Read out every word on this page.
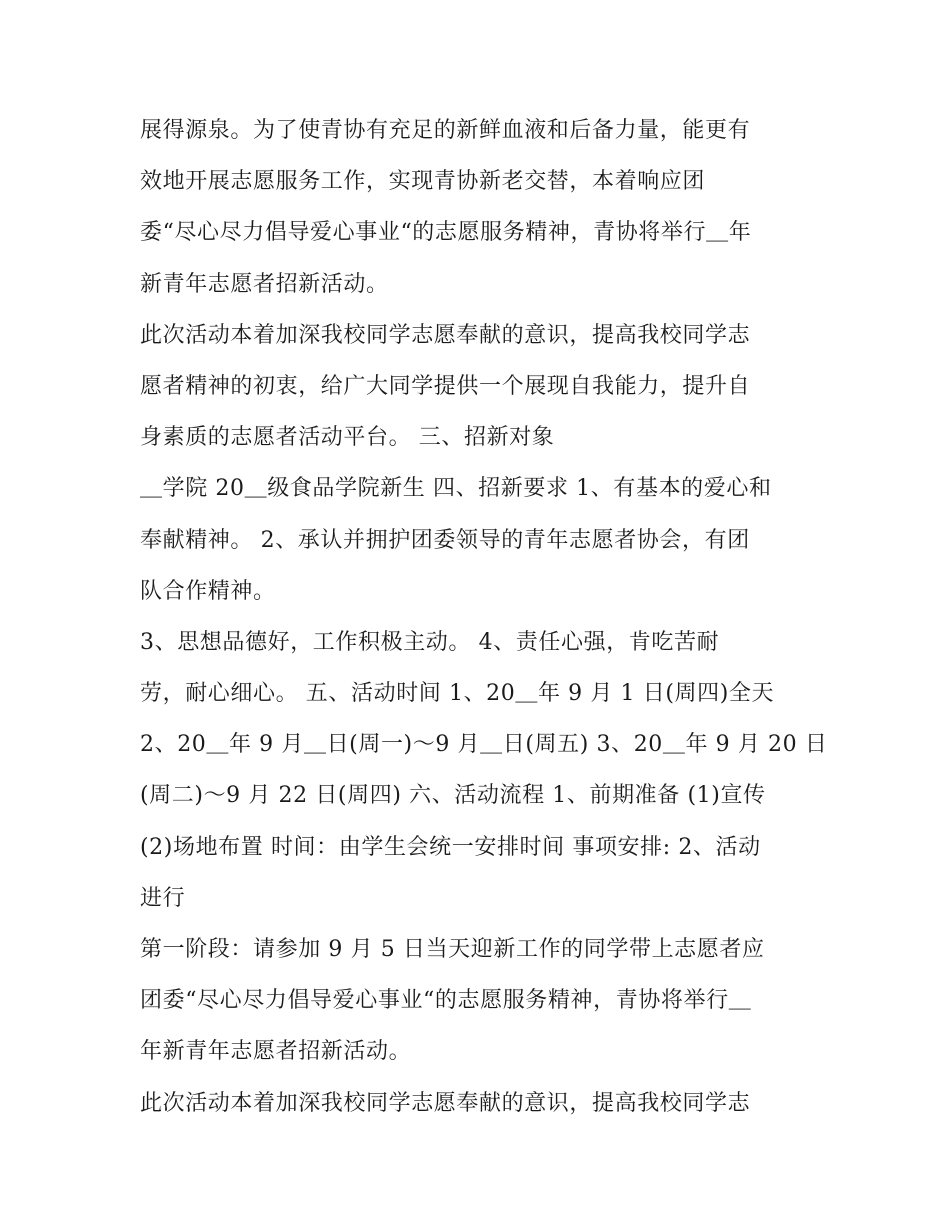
展得源泉。为了使青协有充足的新鲜血液和后备力量，能更有
效地开展志愿服务工作，实现青协新老交替，本着响应团
委“尽心尽力倡导爱心事业“的志愿服务精神，青协将举行＿年
新青年志愿者招新活动。
此次活动本着加深我校同学志愿奉献的意识，提高我校同学志
愿者精神的初衷，给广大同学提供一个展现自我能力，提升自
身素质的志愿者活动平台。 三、招新对象
＿学院 20＿级食品学院新生 四、招新要求 1、有基本的爱心和
奉献精神。 2、承认并拥护团委领导的青年志愿者协会，有团
队合作精神。
3、思想品德好，工作积极主动。 4、责任心强，肯吃苦耐
劳，耐心细心。 五、活动时间 1、20＿年 9 月 1 日(周四)全天
2、20＿年 9 月＿日(周一)～9 月＿日(周五) 3、20＿年 9 月 20 日
(周二)～9 月 22 日(周四) 六、活动流程 1、前期准备 (1)宣传
(2)场地布置 时间：由学生会统一安排时间 事项安排: 2、活动
进行
第一阶段：请参加 9 月 5 日当天迎新工作的同学带上志愿者应
团委“尽心尽力倡导爱心事业“的志愿服务精神，青协将举行＿
年新青年志愿者招新活动。
此次活动本着加深我校同学志愿奉献的意识，提高我校同学志
